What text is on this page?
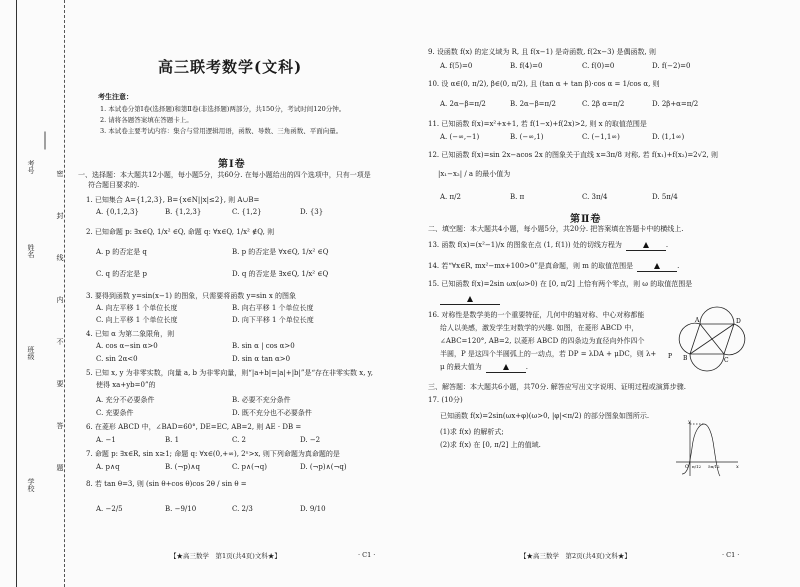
考号
姓名
班级
学校
密
封
线
内
不
要
答
题
高三联考数学(文科)
考生注意：
1. 本试卷分第Ⅰ卷(选择题)和第Ⅱ卷(非选择题)两部分，共150分，考试时间120分钟。
2. 请将各题答案填在答题卡上。
3. 本试卷主要考试内容：集合与常用逻辑用语，函数、导数、三角函数、平面向量。
第Ⅰ卷
一、选择题：本大题共12小题，每小题5分，共60分. 在每小题给出的四个选项中，只有一项是
符合题目要求的.
1. 已知集合 A={1,2,3}, B={x∈N||x|≤2}, 则 A∪B=
A. {0,1,2,3}	B. {1,2,3}	C. {1,2}	D. {3}
2. 已知命题 p: ∃x∈Q, 1/x² ∈Q, 命题 q: ∀x∈Q, 1/x² ∉Q, 则
A. p 的否定是 q	B. p 的否定是 ∀x∈Q, 1/x² ∈Q
C. q 的否定是 p	D. q 的否定是 ∃x∈Q, 1/x² ∈Q
3. 要得到函数 y=sin(x−1) 的图象，只需要将函数 y=sin x 的图象
A. 向左平移 1 个单位长度	B. 向右平移 1 个单位长度
C. 向上平移 1 个单位长度	D. 向下平移 1 个单位长度
4. 已知 α 为第二象限角，则
A. cos α−sin α>0	B. sin α | cos α>0
C. sin 2α<0	D. sin α tan α>0
5. 已知 x, y 为非零实数，向量 a, b 为非零向量，则“|a+b|=|a|+|b|”是“存在非零实数 x, y,
使得 xa+yb=0”的
A. 充分不必要条件	B. 必要不充分条件
C. 充要条件	D. 既不充分也不必要条件
6. 在菱形 ABCD 中，∠BAD=60°, DE=EC, AB=2, 则 AE · DB =
A. −1	B. 1	C. 2	D. −2
7. 命题 p: ∃x∈R, sin x≥1; 命题 q: ∀x∈(0,+∞), 2ˣ>x, 则下列命题为真命题的是
A. p∧q	B. (¬p)∧q	C. p∧(¬q)	D. (¬p)∧(¬q)
8. 若 tan θ=3, 则 (sin θ+cos θ)cos 2θ / sin θ =
A. −2/5	B. −9/10	C. 2/3	D. 9/10
【★高三数学　第1页(共4页)文科★】	· C1 ·
9. 设函数 f(x) 的定义域为 R, 且 f(x−1) 是奇函数, f(2x−3) 是偶函数, 则
A. f(5)=0	B. f(4)=0	C. f(0)=0	D. f(−2)=0
10. 设 α∈(0, π/2), β∈(0, π/2), 且 (tan α + tan β)·cos α = 1/cos α, 则
A. 2α−β=π/2	B. 2α−β=π/2	C. 2β α=π/2	D. 2β+α=π/2
11. 已知函数 f(x)=x²+x+1, 若 f(1−x)+f(2x)>2, 则 x 的取值范围是
A. (−∞,−1)	B. (−∞,1)	C. (−1,1∞)	D. (1,1∞)
12. 已知函数 f(x)=sin 2x−acos 2x 的图象关于直线 x=3π/8 对称, 若 f(x₁)+f(x₂)=2√2, 则
|x₁−x₂| / a 的最小值为
A. π/2	B. π	C. 3π/4	D. 5π/4
第Ⅱ卷
二、填空题：本大题共4小题，每小题5分，共20分. 把答案填在答题卡中的横线上.
13. 函数 f(x)=(x²−1)/x 的图象在点 (1, f(1)) 处的切线方程为	.
14. 若“∀x∈R, mx²−mx+100>0”是真命题，则 m 的取值范围是	.
15. 已知函数 f(x)=2sin ωx(ω>0) 在 [0, π/2] 上恰有两个零点，则 ω 的取值范围是
16. 对称性是数学美的一个重要特征，几何中的轴对称、中心对称都能
给人以美感，激发学生对数学的兴趣. 如图，在菱形 ABCD 中，
∠ABC=120°, AB=2, 以菱形 ABCD 的四条边为直径向外作四个
半圆，P 是这四个半圆弧上的一动点，若 DP = λDA + μDC，则 λ+
μ 的最大值为	.
A
B	C
D
P
三、解答题：本大题共6小题，共70分. 解答应写出文字说明、证明过程或演算步骤.
17. (10分)
已知函数 f(x)=2sin(ωx+φ)(ω>0, |φ|<π/2) 的部分图象如图所示.
(1)求 f(x) 的解析式;
(2)求 f(x) 在 [0, π/2] 上的值域.
y
x
O π/12 5π/12
【★高三数学　第2页(共4页)文科★】	· C1 ·
